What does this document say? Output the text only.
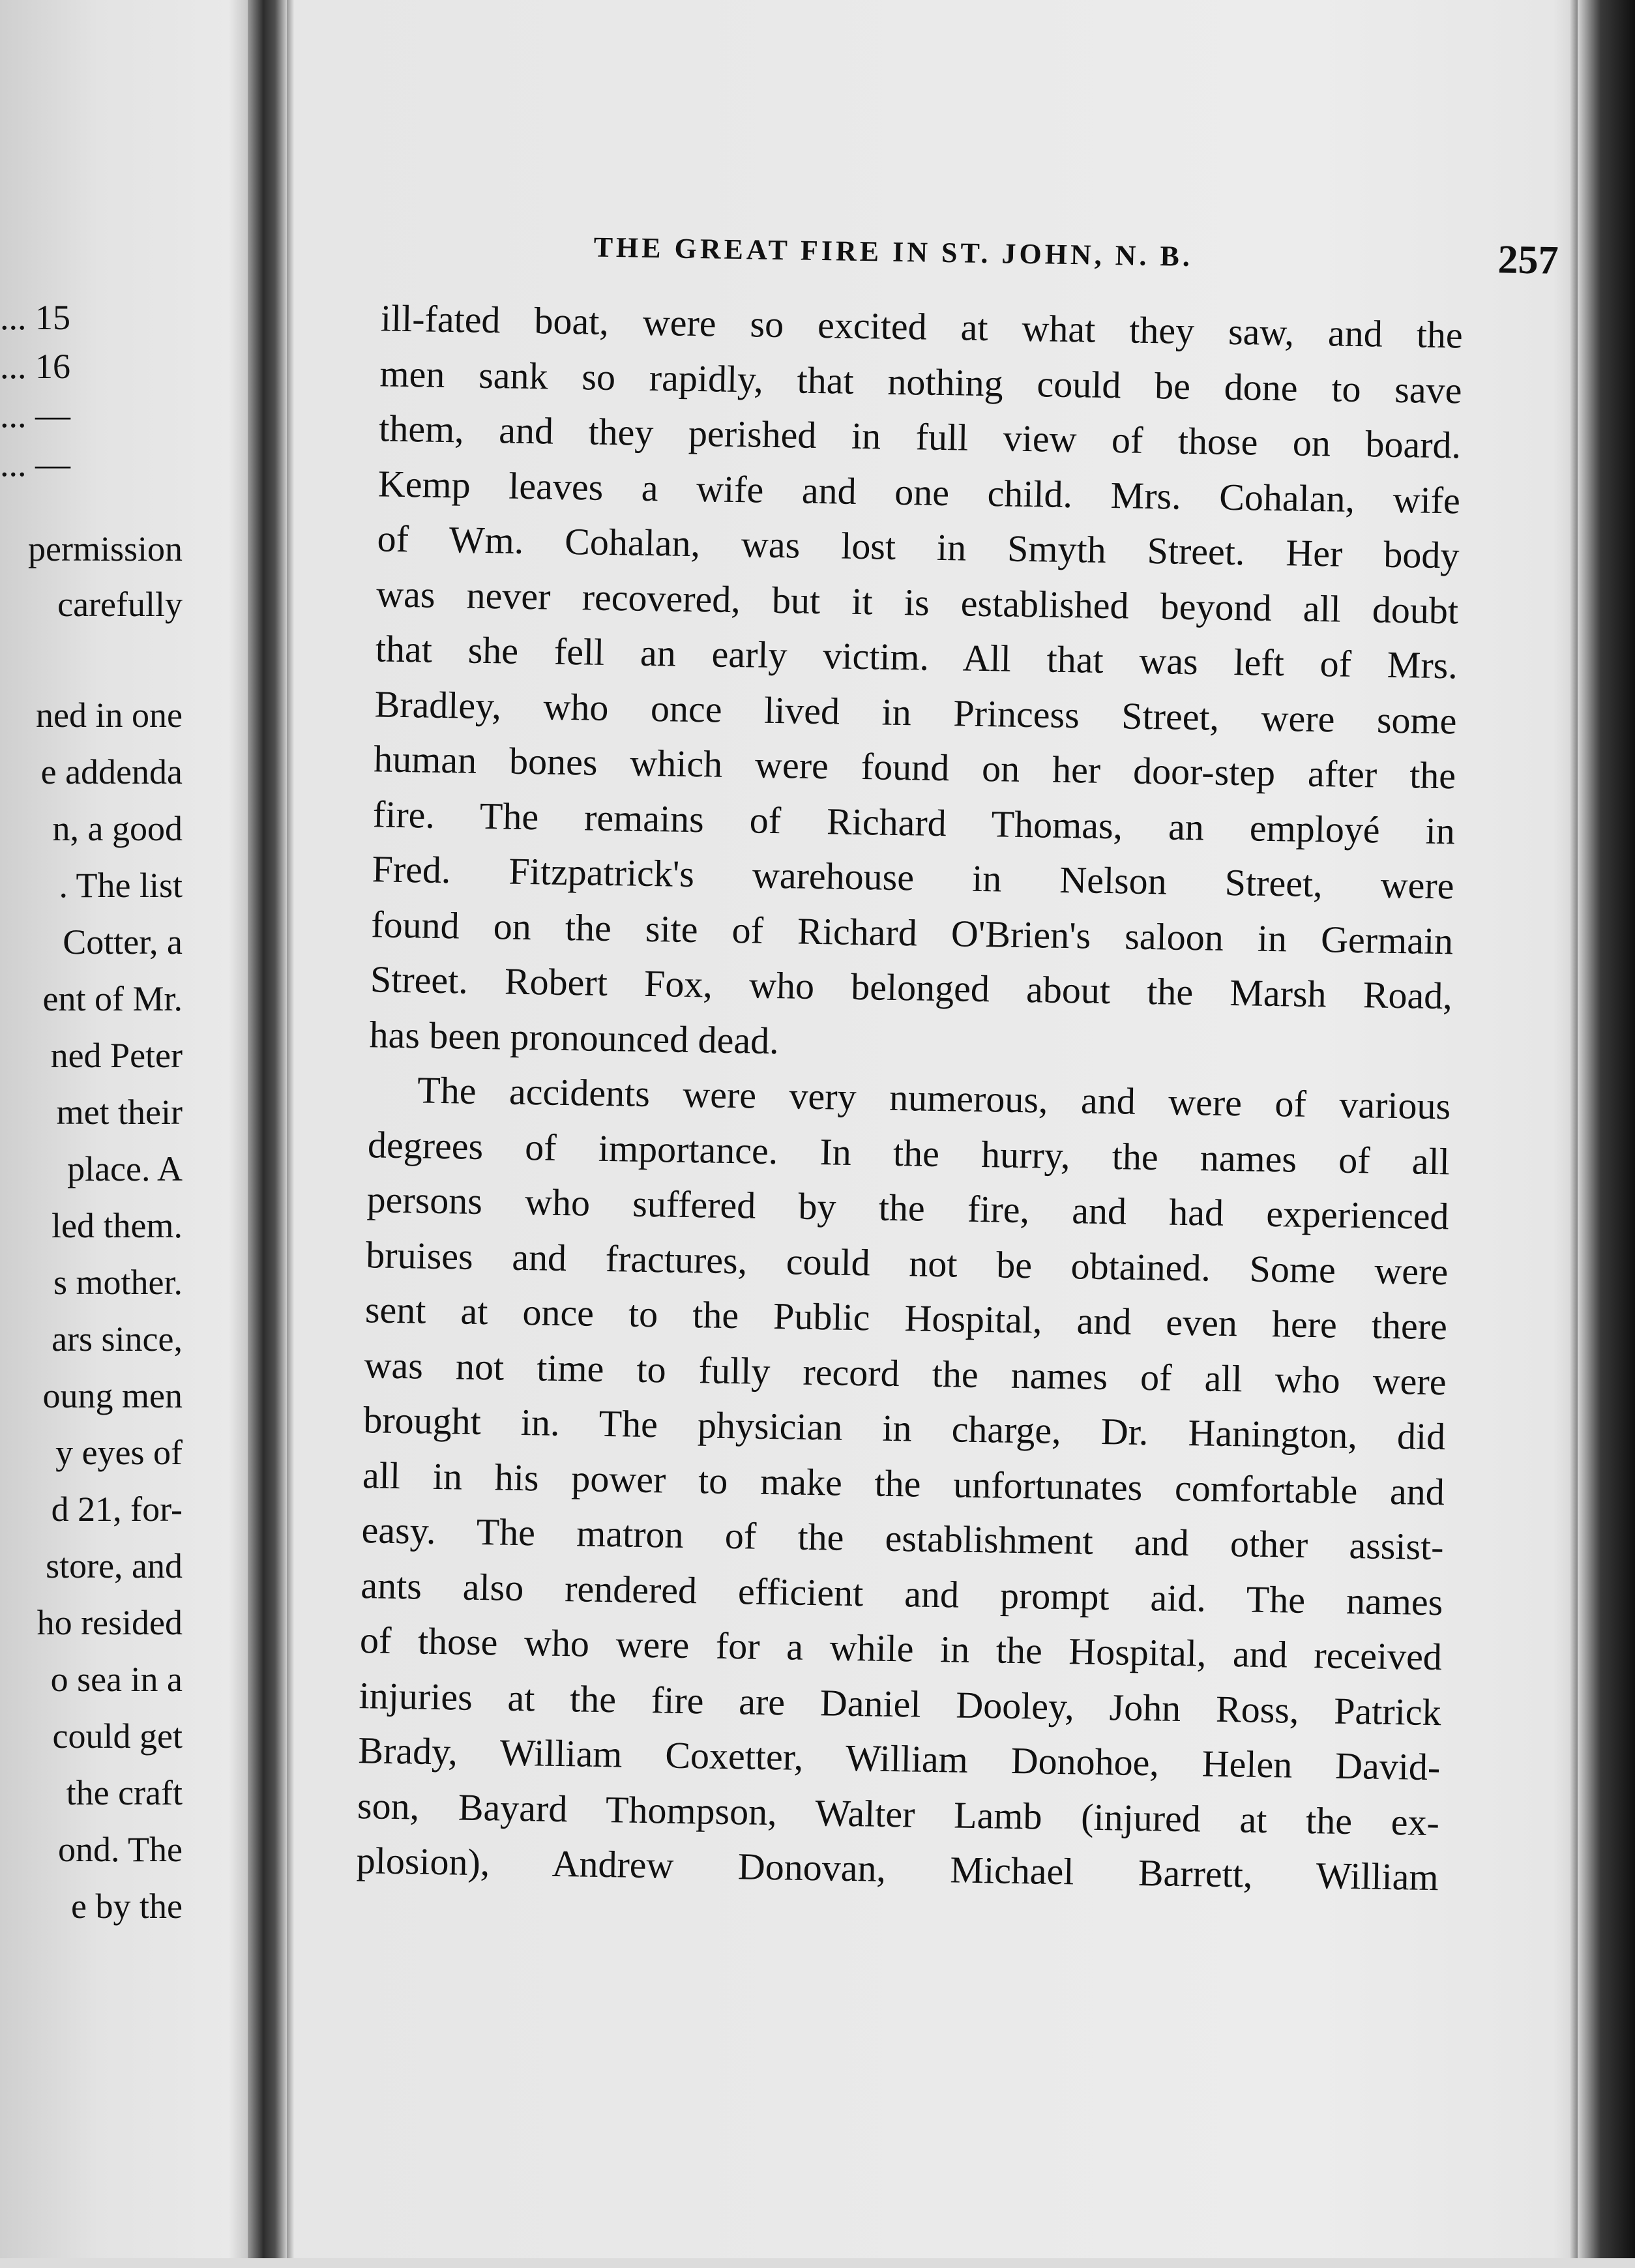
... 15
... 16
... —
... —
permission
carefully
ned in one
e addenda
n, a good
. The list
Cotter, a
ent of Mr.
ned Peter
met their
place. A
led them.
s mother.
ars since,
oung men
y eyes of
d 21, for-
store, and
ho resided
o sea in a
could get
the craft
ond. The
e by the
THE GREAT FIRE IN ST. JOHN, N. B.	257
ill-fated boat, were so excited at what they saw, and the
men sank so rapidly, that nothing could be done to save
them, and they perished in full view of those on board.
Kemp leaves a wife and one child. Mrs. Cohalan, wife
of Wm. Cohalan, was lost in Smyth Street. Her body
was never recovered, but it is established beyond all doubt
that she fell an early victim. All that was left of Mrs.
Bradley, who once lived in Princess Street, were some
human bones which were found on her door-step after the
fire. The remains of Richard Thomas, an employé in
Fred. Fitzpatrick's warehouse in Nelson Street, were
found on the site of Richard O'Brien's saloon in Germain
Street. Robert Fox, who belonged about the Marsh Road,
has been pronounced dead.
The accidents were very numerous, and were of various
degrees of importance. In the hurry, the names of all
persons who suffered by the fire, and had experienced
bruises and fractures, could not be obtained. Some were
sent at once to the Public Hospital, and even here there
was not time to fully record the names of all who were
brought in. The physician in charge, Dr. Hanington, did
all in his power to make the unfortunates comfortable and
easy. The matron of the establishment and other assist-
ants also rendered efficient and prompt aid. The names
of those who were for a while in the Hospital, and received
injuries at the fire are Daniel Dooley, John Ross, Patrick
Brady, William Coxetter, William Donohoe, Helen David-
son, Bayard Thompson, Walter Lamb (injured at the ex-
plosion), Andrew Donovan, Michael Barrett, William
